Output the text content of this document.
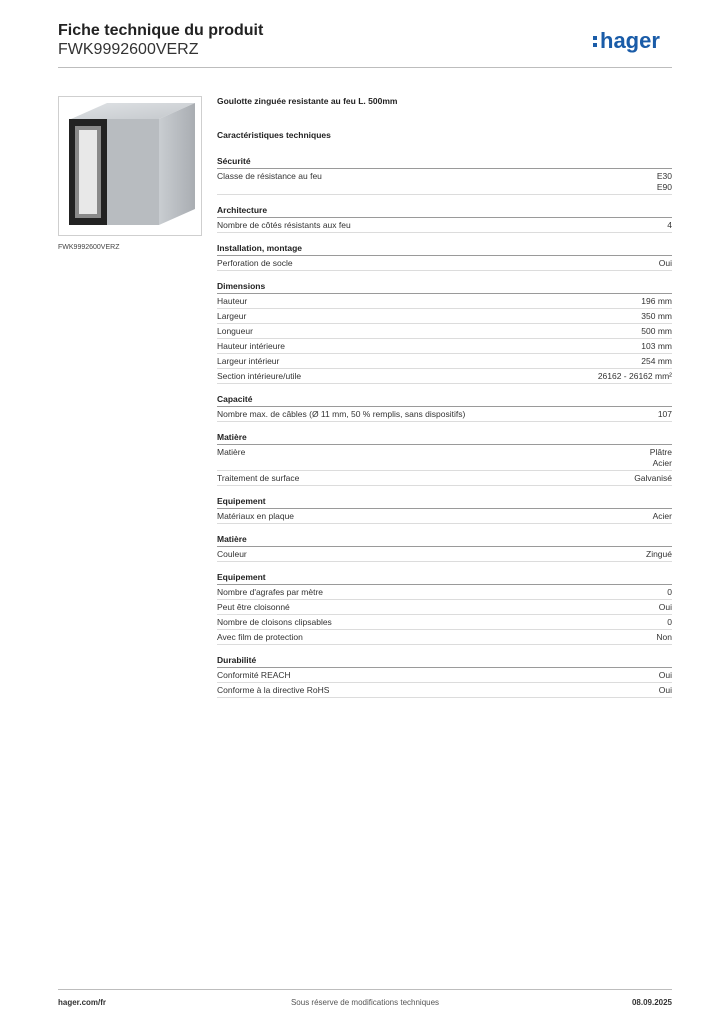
Fiche technique du produit
FWK9992600VERZ	hager
FWK9992600VERZ
Goulotte zinguée resistante au feu L. 500mm
Caractéristiques techniques
Sécurité
Classe de résistance au feu	E30
E90
Architecture
Nombre de côtés résistants aux feu	4
Installation, montage
Perforation de socle	Oui
Dimensions
Hauteur	196 mm
Largeur	350 mm
Longueur	500 mm
Hauteur intérieure	103 mm
Largeur intérieur	254 mm
Section intérieure/utile	26162 - 26162 mm²
Capacité
Nombre max. de câbles (Ø 11 mm, 50 % remplis, sans dispositifs)	107
Matière
Matière	Plâtre
Acier
Traitement de surface	Galvanisé
Equipement
Matériaux en plaque	Acier
Matière
Couleur	Zingué
Equipement
Nombre d'agrafes par mètre	0
Peut être cloisonné	Oui
Nombre de cloisons clipsables	0
Avec film de protection	Non
Durabilité
Conformité REACH	Oui
Conforme à la directive RoHS	Oui
hager.com/fr	Sous réserve de modifications techniques	08.09.2025
